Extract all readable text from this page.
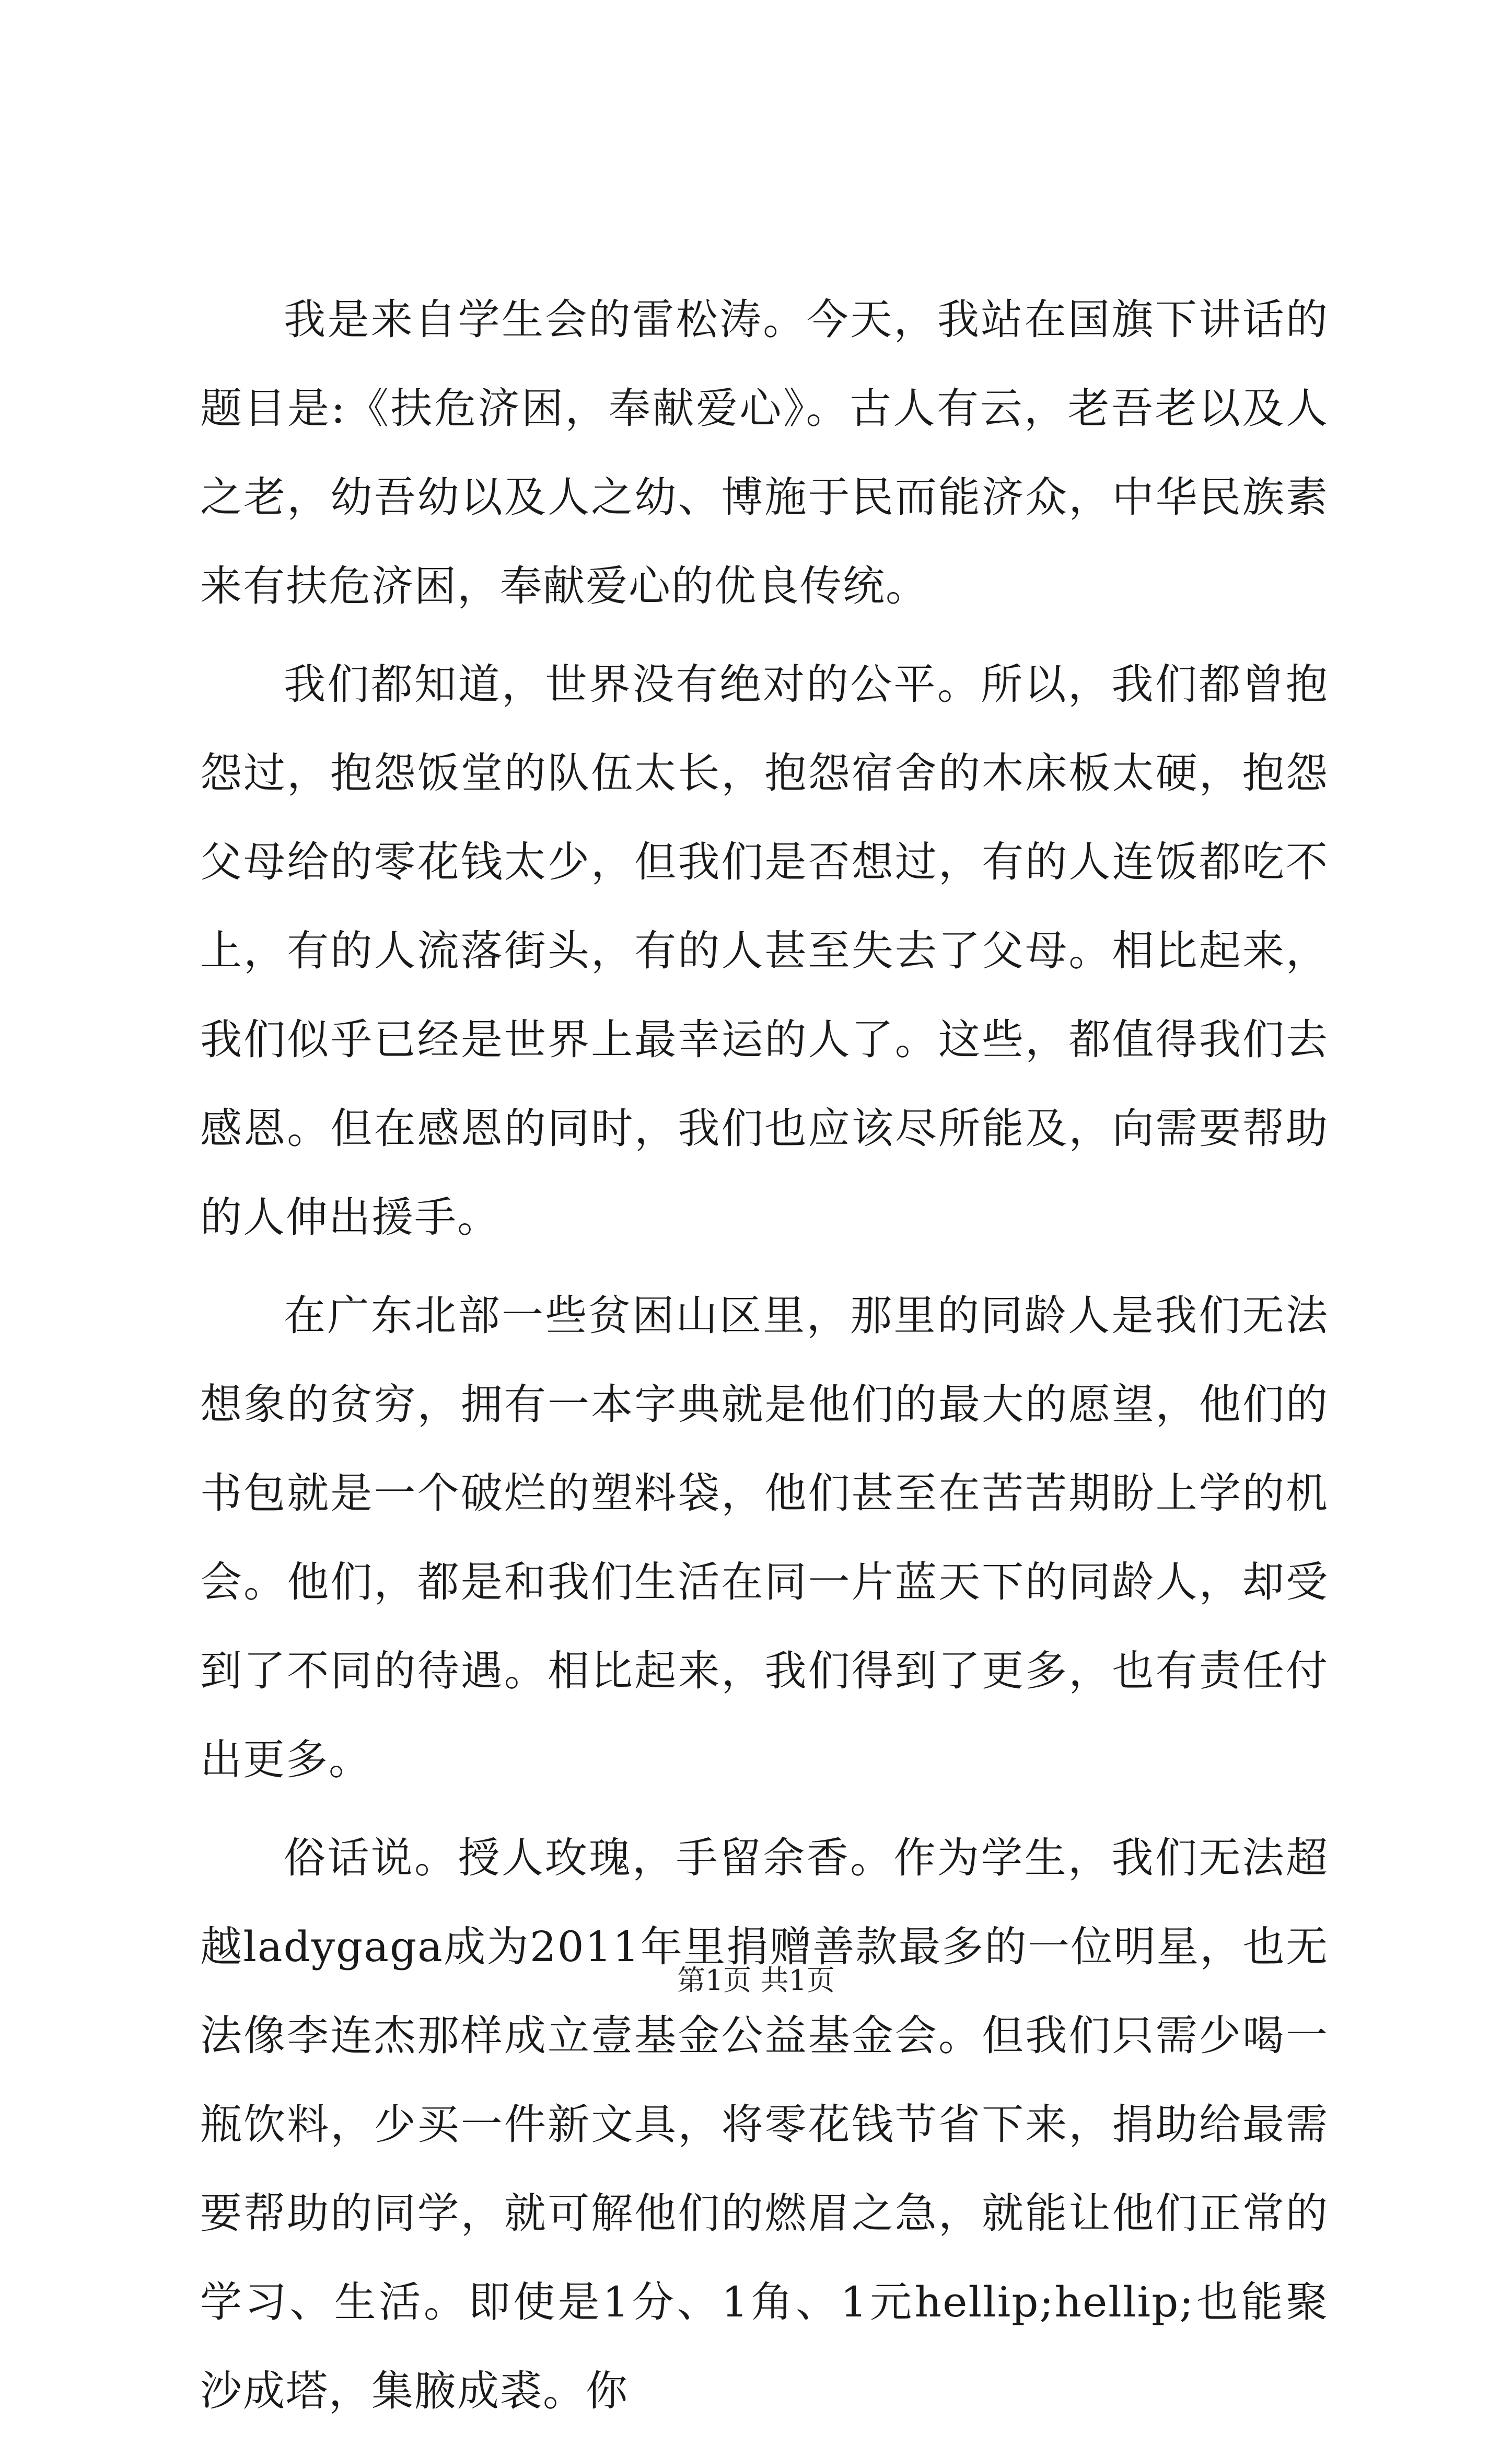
我是来自学生会的雷松涛。今天，我站在国旗下讲话的题目是:《扶危济困，奉献爱心》。古人有云，老吾老以及人之老，幼吾幼以及人之幼、博施于民而能济众，中华民族素来有扶危济困，奉献爱心的优良传统。

我们都知道，世界没有绝对的公平。所以，我们都曾抱怨过，抱怨饭堂的队伍太长，抱怨宿舍的木床板太硬，抱怨父母给的零花钱太少，但我们是否想过，有的人连饭都吃不上，有的人流落街头，有的人甚至失去了父母。相比起来，我们似乎已经是世界上最幸运的人了。这些，都值得我们去感恩。但在感恩的同时，我们也应该尽所能及，向需要帮助的人伸出援手。

在广东北部一些贫困山区里，那里的同龄人是我们无法想象的贫穷，拥有一本字典就是他们的最大的愿望，他们的书包就是一个破烂的塑料袋，他们甚至在苦苦期盼上学的机会。他们，都是和我们生活在同一片蓝天下的同龄人，却受到了不同的待遇。相比起来，我们得到了更多，也有责任付出更多。

俗话说。授人玫瑰，手留余香。作为学生，我们无法超越ladygaga成为2011年里捐赠善款最多的一位明星，也无法像李连杰那样成立壹基金公益基金会。但我们只需少喝一瓶饮料，少买一件新文具，将零花钱节省下来，捐助给最需要帮助的同学，就可解他们的燃眉之急，就能让他们正常的学习、生活。即使是1分、1角、1元hellip;hellip;也能聚沙成塔，集腋成裘。你

第1页 共1页
